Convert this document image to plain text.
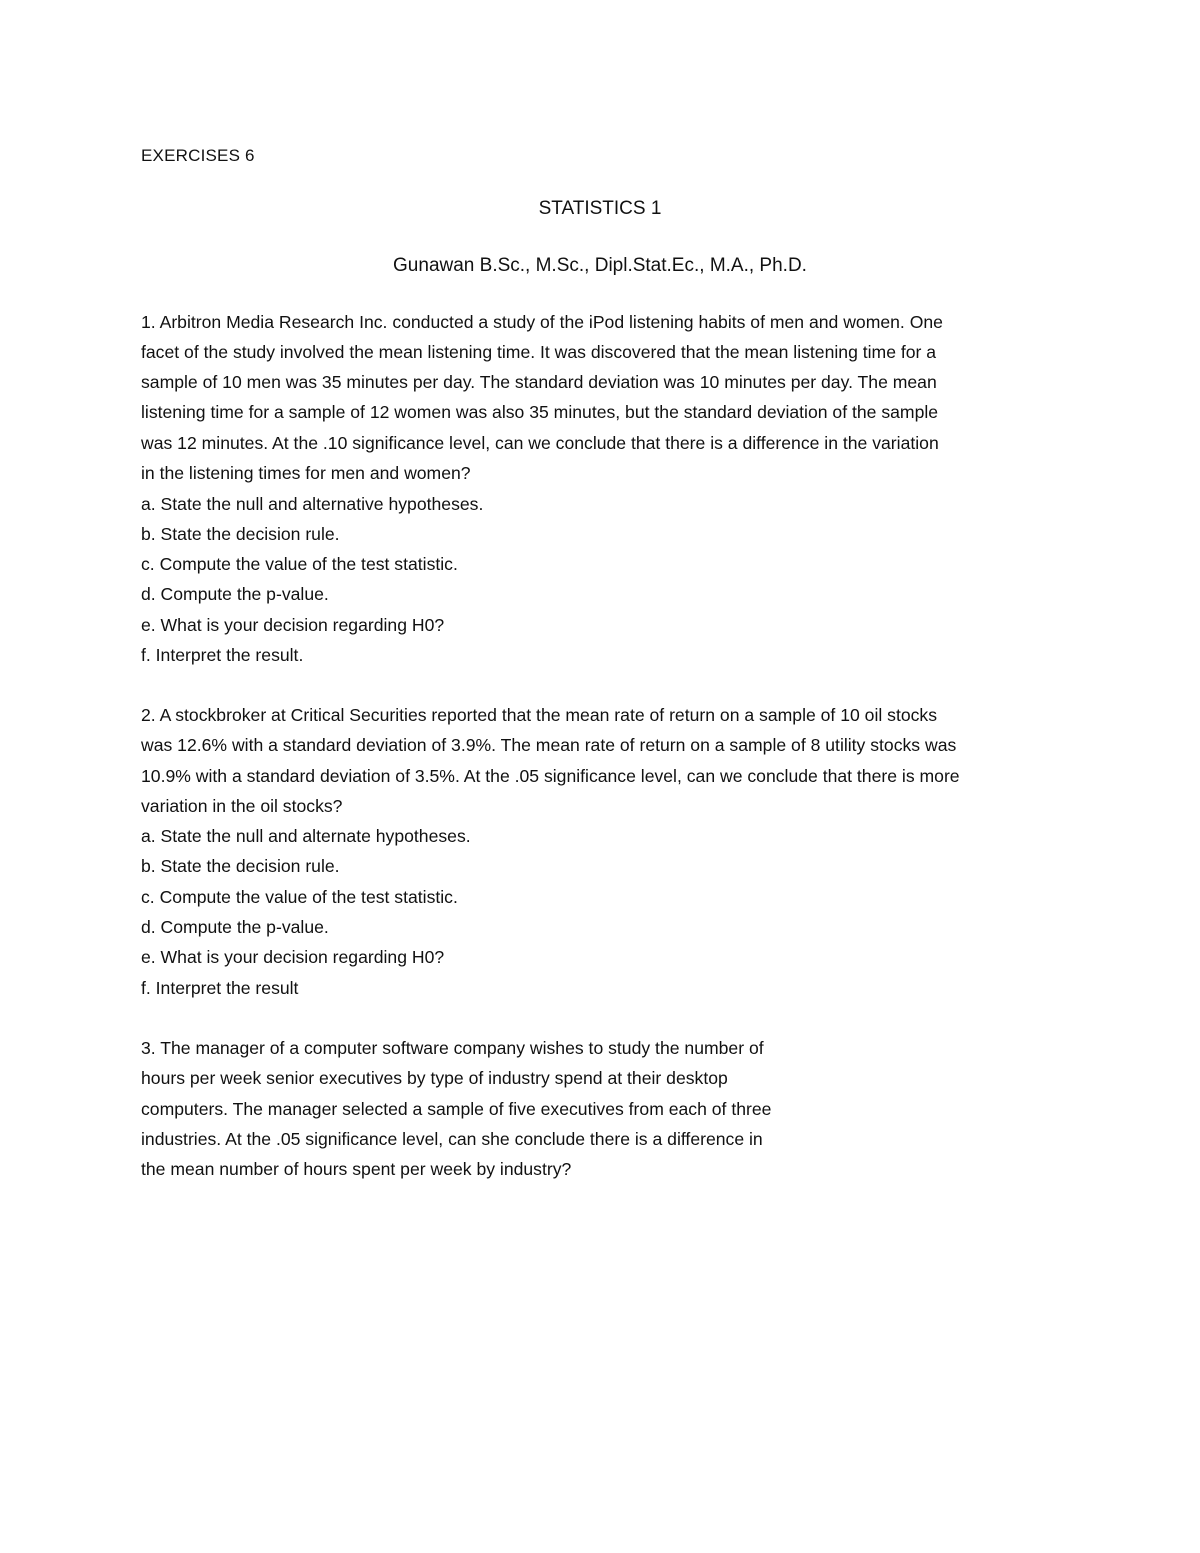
EXERCISES 6
STATISTICS 1
Gunawan B.Sc., M.Sc., Dipl.Stat.Ec., M.A., Ph.D.
1. Arbitron Media Research Inc. conducted a study of the iPod listening habits of men and women. One
facet of the study involved the mean listening time. It was discovered that the mean listening time for a
sample of 10 men was 35 minutes per day. The standard deviation was 10 minutes per day. The mean
listening time for a sample of 12 women was also 35 minutes, but the standard deviation of the sample
was 12 minutes. At the .10 significance level, can we conclude that there is a difference in the variation
in the listening times for men and women?
a. State the null and alternative hypotheses.
b. State the decision rule.
c. Compute the value of the test statistic.
d. Compute the p-value.
e. What is your decision regarding H0?
f. Interpret the result.
2. A stockbroker at Critical Securities reported that the mean rate of return on a sample of 10 oil stocks
was 12.6% with a standard deviation of 3.9%. The mean rate of return on a sample of 8 utility stocks was
10.9% with a standard deviation of 3.5%. At the .05 significance level, can we conclude that there is more
variation in the oil stocks?
a. State the null and alternate hypotheses.
b. State the decision rule.
c. Compute the value of the test statistic.
d. Compute the p-value.
e. What is your decision regarding H0?
f. Interpret the result
3. The manager of a computer software company wishes to study the number of
hours per week senior executives by type of industry spend at their desktop
computers. The manager selected a sample of five executives from each of three
industries. At the .05 significance level, can she conclude there is a difference in
the mean number of hours spent per week by industry?
